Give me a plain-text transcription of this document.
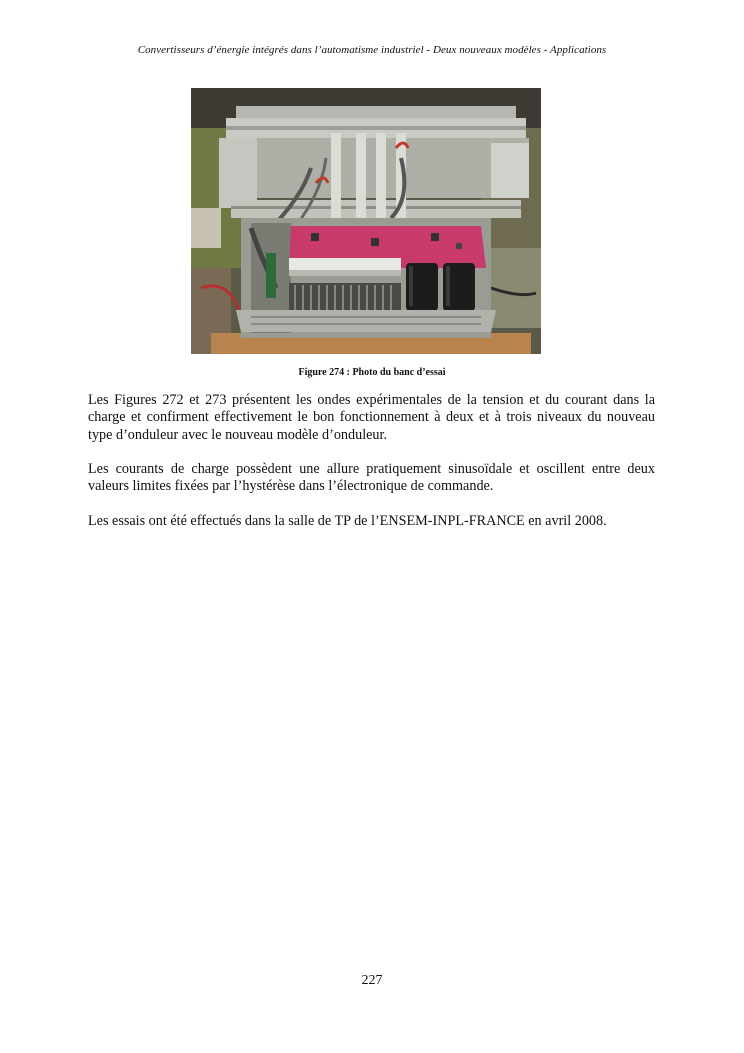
Convertisseurs d’énergie intégrés dans l’automatisme industriel - Deux nouveaux modèles - Applications
Figure 274 : Photo du banc d’essai

Les Figures 272 et 273 présentent les ondes expérimentales de la tension et du courant dans la charge et confirment effectivement le bon fonctionnement à deux et à trois niveaux du nouveau type d’onduleur avec le nouveau modèle d’onduleur.

Les courants de charge possèdent une allure pratiquement sinusoïdale et oscillent entre deux valeurs limites fixées par l’hystérèse dans l’électronique de commande.

Les essais ont été effectués dans la salle de TP de l’ENSEM-INPL-FRANCE en avril 2008.

227
